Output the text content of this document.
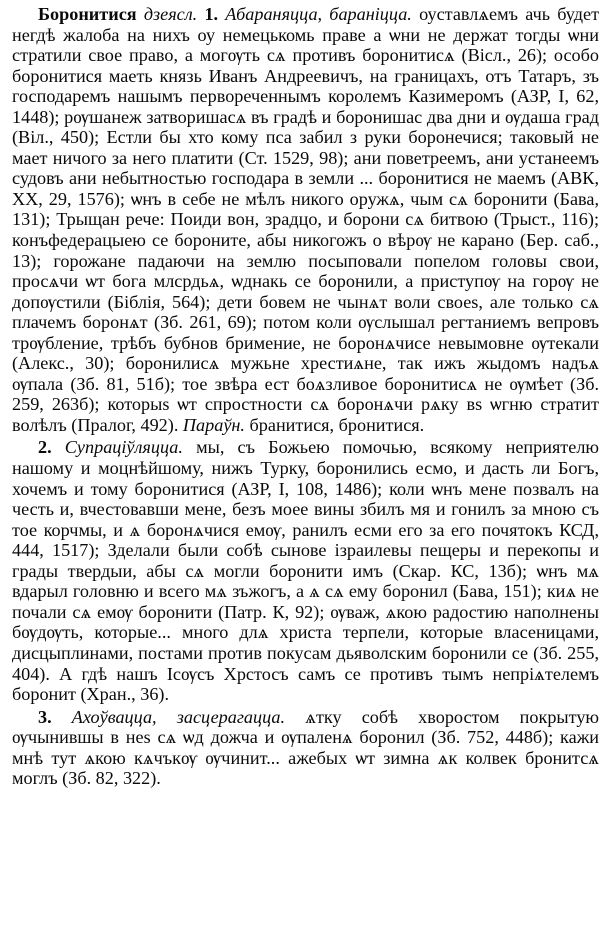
Боронитися дзеясл. 1. Абараняцца, бараніцца. оуставлѧемъ ачь будет негдѣ жалоба на нихъ оу немецькомь праве а ѡни не держат тогды ѡни стратили свое право, а могѹть сѧ противъ боронитисѧ (Вісл., 26); особо боронитися маеть князь Иванъ Андреевичъ, на границахъ, отъ Татаръ, зъ господаремъ нашымъ первореченнымъ королемъ Казимеромъ (АЗР, I, 62, 1448); рѹшанеж затворишасѧ въ градѣ и боронишас два дни и ѹдаша град (Віл., 450); Естли бы хто кому пса забил з руки боронечися; таковый не мает ничого за него платити (Ст. 1529, 98); ани поветреемъ, ани устанеемъ судовъ ани небытностью господара в земли ... боронитися не маемъ (АВК, XX, 29, 1576); ѡнъ в себе не мѣлъ никого оружѧ, чым сѧ боронити (Бава, 131); Трыщан рече: Поиди вон, зрадцо, и борони сѧ битвою (Трыст., 116); конъфедерацыею се бороните, абы никогожъ о вѣрѹ не карано (Бер. саб., 13); горожане падаючи на землю посыповали попелом головы свои, просѧчи ѡт бога млсрдьѧ, ѡднакь се боронили, а приступѹ на горѹ не допѹстили (Біблія, 564); дети бовем не чынѧт воли своеѕ, але только сѧ плачемъ боронѧт (Зб. 261, 69); потом коли ѹслышал регтаниемъ вепровъ трѹбление, трѣбъ бубнов бримение, не боронѧчисе невымовне ѹтекали (Алекс., 30); боронилисѧ мужьне хрестиѧне, так ижъ жыдомъ надъѧ ѹпала (Зб. 81, 51б); тое звѣра ест боѧзливое боронитисѧ не ѹмѣет (Зб. 259, 263б); которыѕ ѡт спростности сѧ боронѧчи рѧку вѕ ѡгню стратит волѣлъ (Пралог, 492). Параўн. бранитися, бронитися.

2. Супраціўляцца. мы, съ Божьею помочью, всякому неприятелю нашому и моцнѣйшому, нижъ Турку, боронились есмо, и дасть ли Богъ, хочемъ и тому боронитися (АЗР, I, 108, 1486); коли ѡнъ мене позвалъ на честь и, вчестовавши мене, безъ моее вины збилъ мя и гонилъ за мною съ тое корчмы, и ѧ боронѧчися емѹ, ранилъ есми его за его почятокъ КСД, 444, 1517); Зделали были собѣ сынове ізраилевы пещеры и перекопы и грады твердыи, абы сѧ могли боронити имъ (Скар. КС, 13б); ѡнъ мѧ вдарыл головню и всего мѧ зъжогъ, а ѧ сѧ ему боронил (Бава, 151); киѧ не почали сѧ емѹ боронити (Патр. К, 92); ѹваж, ѧкою радостию наполнены бѹдѹть, которые... много длѧ христа терпели, которые власеницами, дисцыплинами, постами против покусам дьяволским боронили се (Зб. 255, 404). А гдѣ нашъ Ісѹсъ Хрстосъ самъ се противъ тымъ непрiѧтелемъ боронит (Хран., 36).

3. Ахоўвацца, засцерагацца. ѧтку собѣ хворостом покрытую ѹчынившы в неѕ сѧ ѡд дожча и ѹпаленѧ боронил (Зб. 752, 448б); кажи мнѣ тут ѧкою кѧчъкѹ ѹчинит... ажебых ѡт зимна ѧк колвек бронитсѧ моглъ (Зб. 82, 322).
